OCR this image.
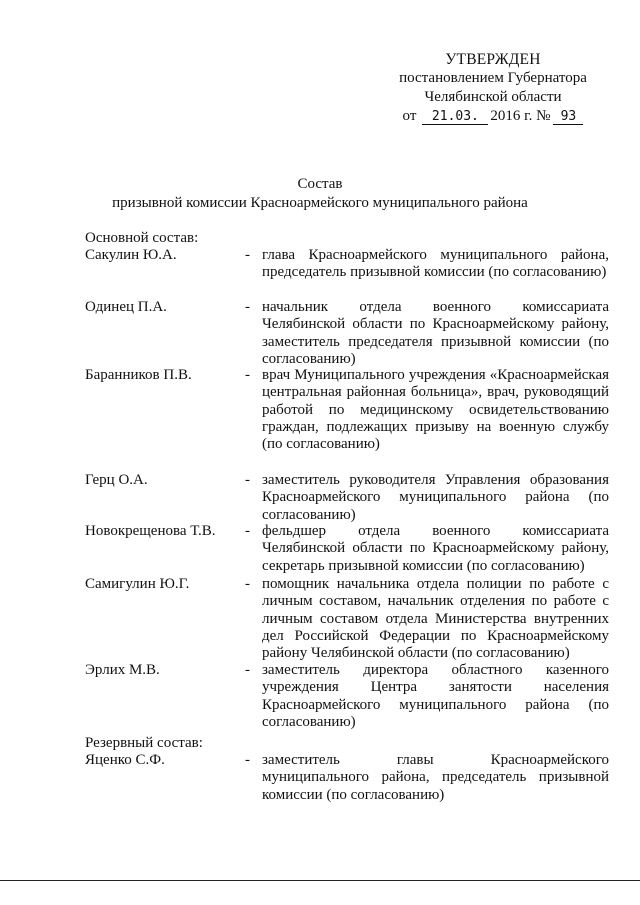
УТВЕРЖДЕН
постановлением Губернатора
Челябинской области
от	21.03. 2016 г. № 93
Состав
призывной комиссии Красноармейского муниципального района
Основной состав:
Сакулин Ю.А.	- глава Красноармейского муниципального района, председатель призывной комиссии (по согласованию)
Одинец П.А.	- начальник отдела военного комиссариата Челябинской области по Красноармейскому району, заместитель председателя призывной комиссии (по согласованию)
Баранников П.В.	- врач Муниципального учреждения «Красноармейская центральная районная больница», врач, руководящий работой по медицинскому освидетельствованию граждан, подлежащих призыву на военную службу (по согласованию)
Герц О.А.	- заместитель руководителя Управления образования Красноармейского муниципального района (по согласованию)
Новокрещенова Т.В. - фельдшер отдела военного комиссариата Челябинской области по Красноармейскому району, секретарь призывной комиссии (по согласованию)
Самигулин Ю.Г.	- помощник начальника отдела полиции по работе с личным составом, начальник отделения по работе с личным составом отдела Министерства внутренних дел Российской Федерации по Красноармейскому району Челябинской области (по согласованию)
Эрлих М.В.	- заместитель директора областного казенного учреждения Центра занятости населения Красноармейского муниципального района (по согласованию)
Резервный состав:
Яценко С.Ф.	- заместитель главы Красноармейского муниципального района, председатель призывной комиссии (по согласованию)
